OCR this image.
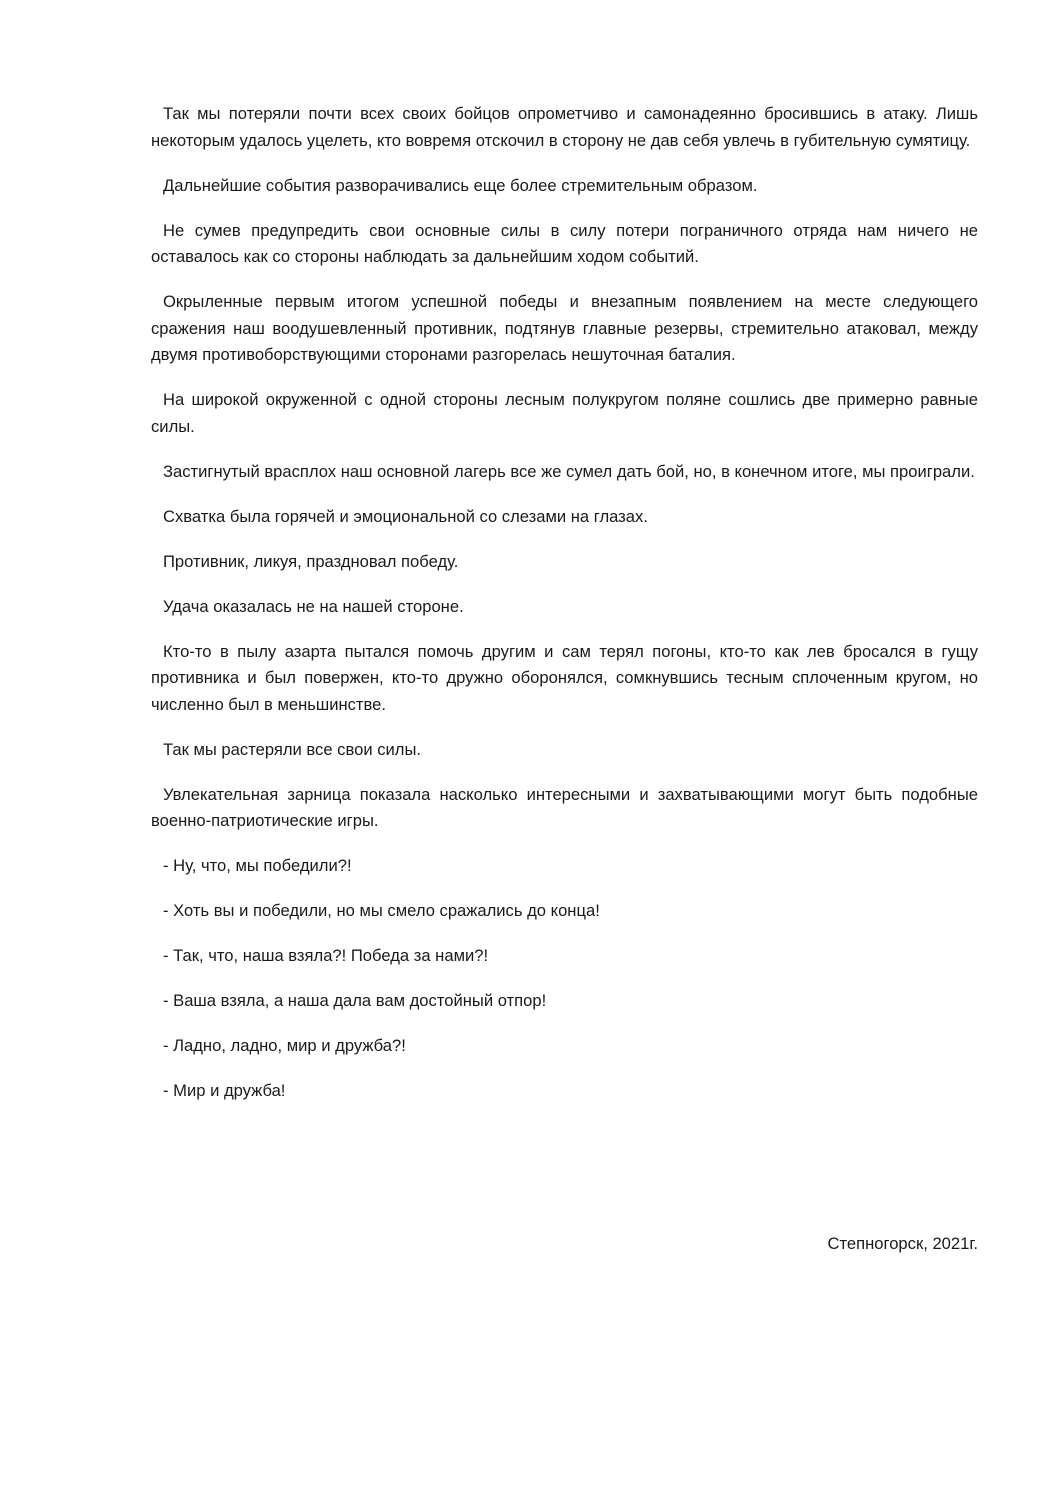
Так мы потеряли почти всех своих бойцов опрометчиво и самонадеянно бросившись в атаку. Лишь некоторым удалось уцелеть, кто вовремя отскочил в сторону не дав себя увлечь в губительную сумятицу.

Дальнейшие события разворачивались еще более стремительным образом.

Не сумев предупредить свои основные силы в силу потери пограничного отряда нам ничего не оставалось как со стороны наблюдать за дальнейшим ходом событий.

Окрыленные первым итогом успешной победы и внезапным появлением на месте следующего сражения наш воодушевленный противник, подтянув главные резервы, стремительно атаковал, между двумя противоборствующими сторонами разгорелась нешуточная баталия.

На широкой окруженной с одной стороны лесным полукругом поляне сошлись две примерно равные силы.

Застигнутый врасплох наш основной лагерь все же сумел дать бой, но, в конечном итоге, мы проиграли.

Схватка была горячей и эмоциональной со слезами на глазах.

Противник, ликуя, праздновал победу.

Удача оказалась не на нашей стороне.

Кто-то в пылу азарта пытался помочь другим и сам терял погоны, кто-то как лев бросался в гущу противника и был повержен, кто-то дружно оборонялся, сомкнувшись тесным сплоченным кругом, но численно был в меньшинстве.

Так мы растеряли все свои силы.

Увлекательная зарница показала насколько интересными и захватывающими могут быть подобные военно-патриотические игры.

- Ну, что, мы победили?!

- Хоть вы и победили, но мы смело сражались до конца!

- Так, что, наша взяла?! Победа за нами?!

- Ваша взяла, а наша дала вам достойный отпор!

- Ладно, ладно, мир и дружба?!

- Мир и дружба!

Степногорск, 2021г.
